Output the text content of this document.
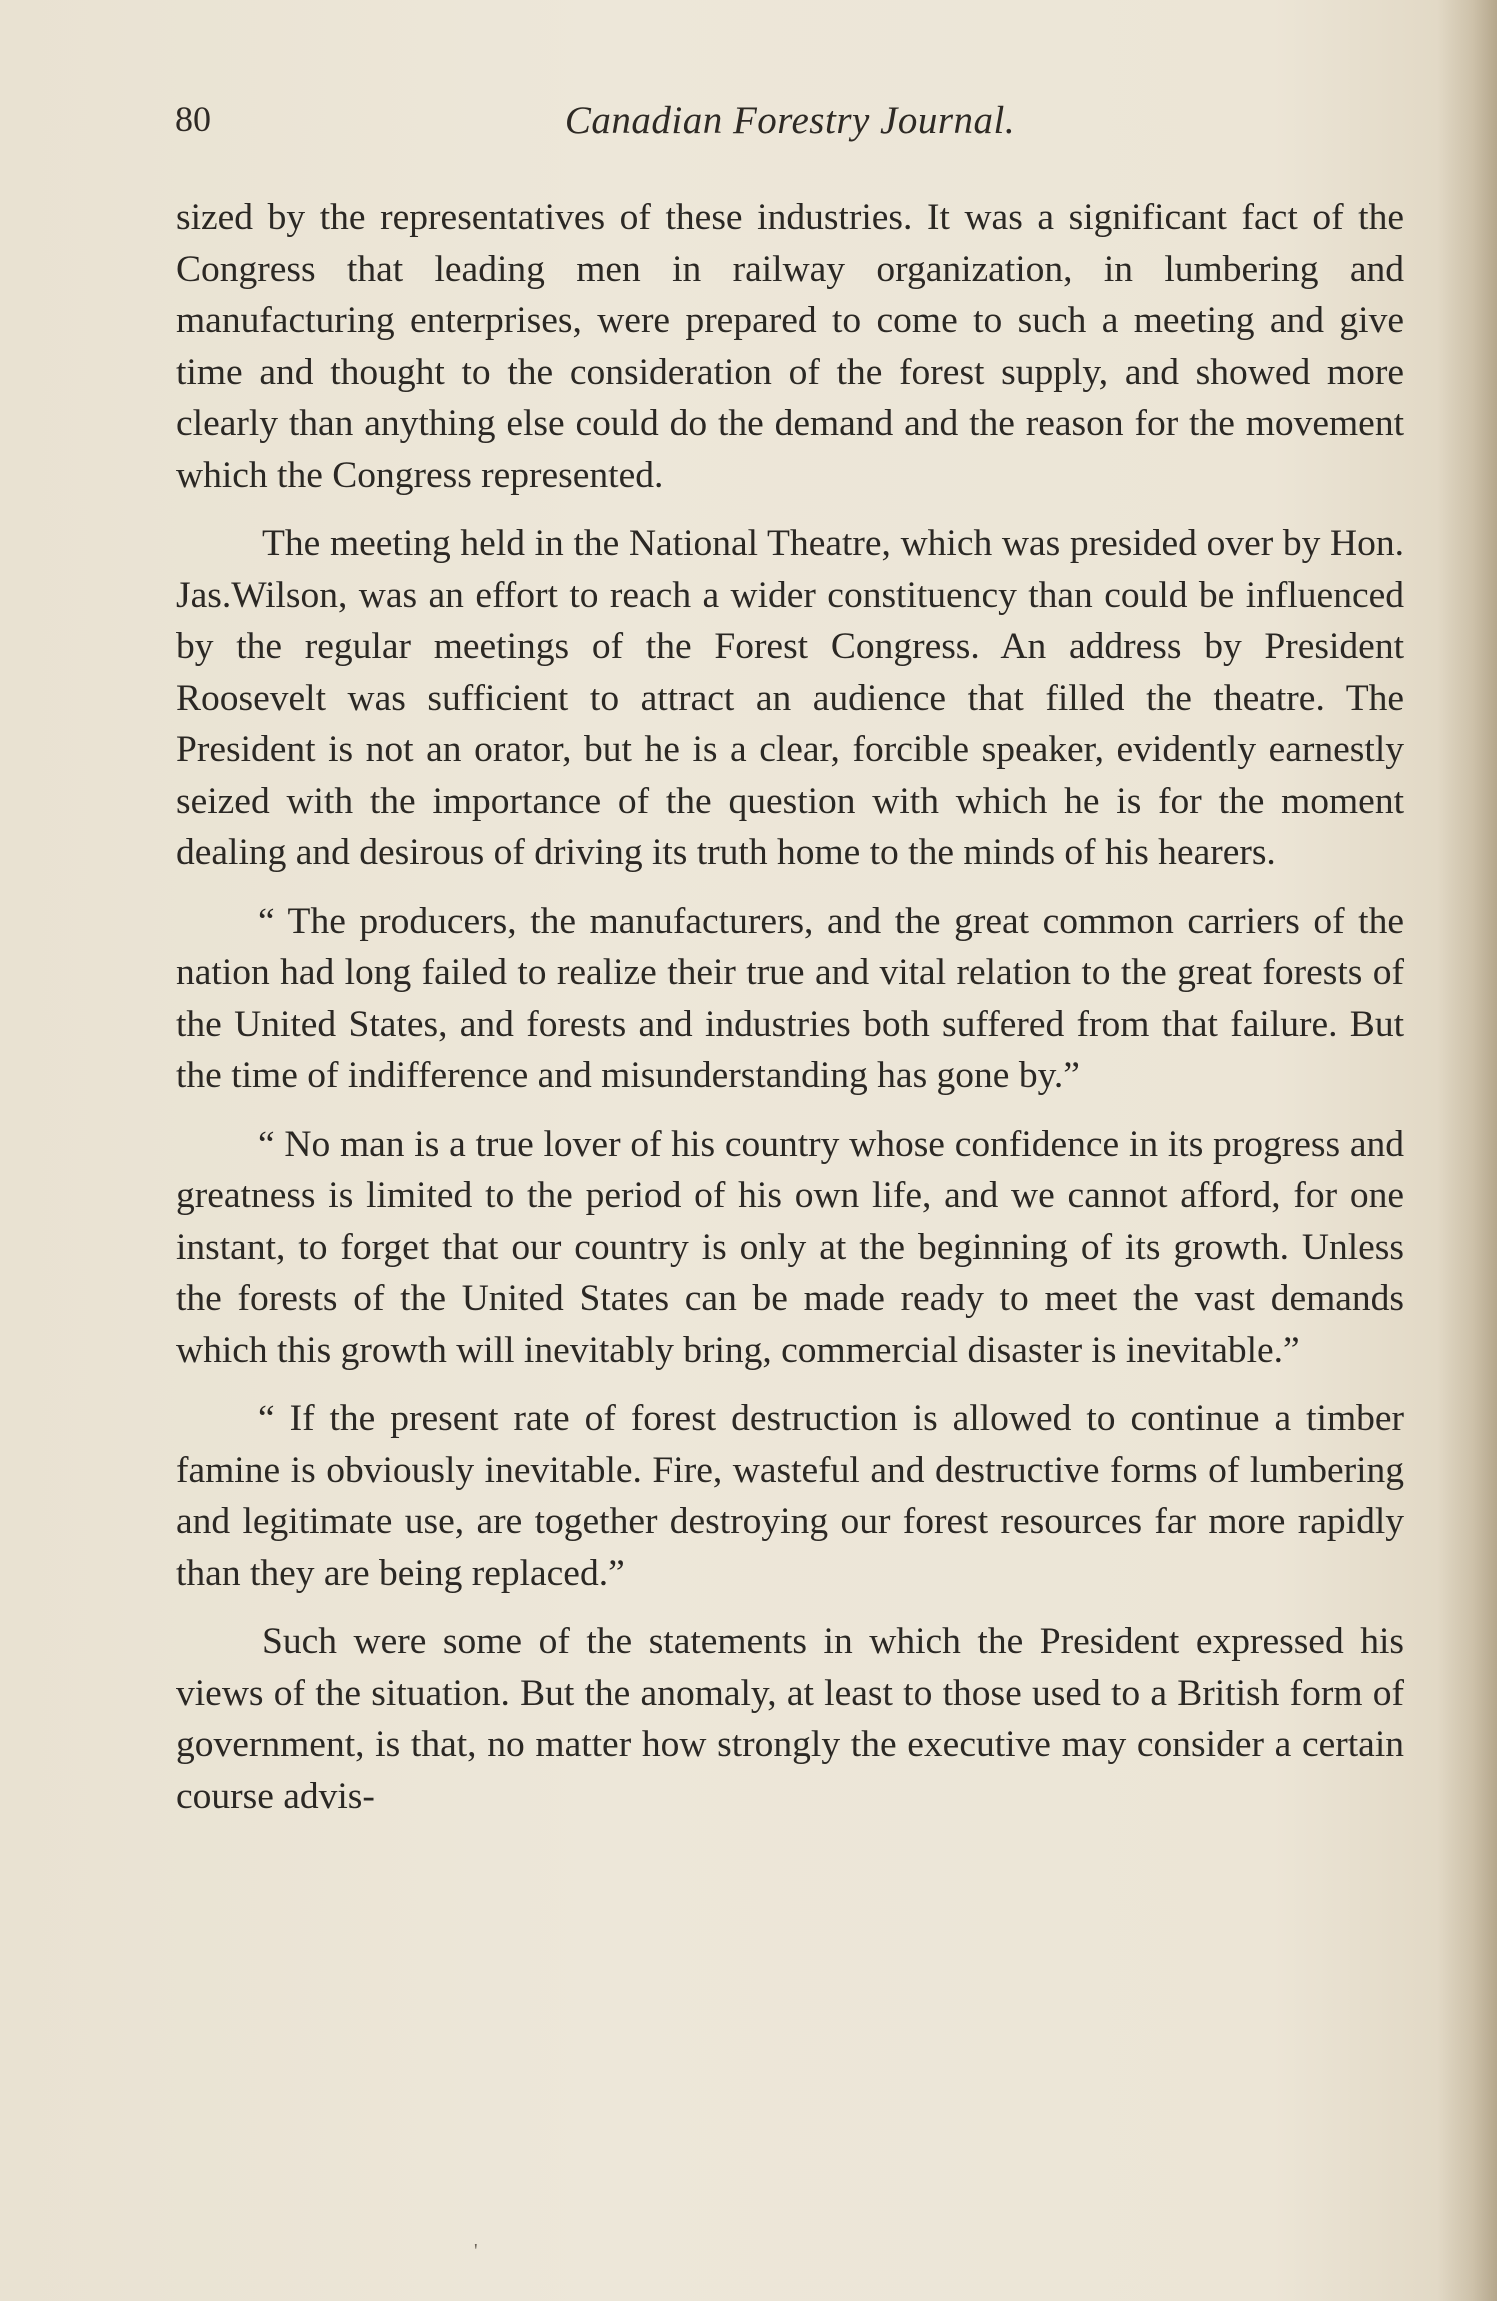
80	Canadian Forestry Journal.

sized by the representatives of these industries. It was a significant fact of the Congress that leading men in railway organization, in lumbering and manufacturing enterprises, were prepared to come to such a meeting and give time and thought to the consideration of the forest supply, and showed more clearly than anything else could do the demand and the reason for the movement which the Congress represented.

The meeting held in the National Theatre, which was presided over by Hon. Jas.Wilson, was an effort to reach a wider constituency than could be influenced by the regular meetings of the Forest Congress. An address by President Roosevelt was sufficient to attract an audience that filled the theatre. The President is not an orator, but he is a clear, forcible speaker, evidently earnestly seized with the importance of the question with which he is for the moment dealing and desirous of driving its truth home to the minds of his hearers.

“ The producers, the manufacturers, and the great common carriers of the nation had long failed to realize their true and vital relation to the great forests of the United States, and forests and industries both suffered from that failure. But the time of indifference and misunderstanding has gone by.”

“ No man is a true lover of his country whose confidence in its progress and greatness is limited to the period of his own life, and we cannot afford, for one instant, to forget that our country is only at the beginning of its growth. Unless the forests of the United States can be made ready to meet the vast demands which this growth will inevitably bring, commercial disaster is inevitable.”

“ If the present rate of forest destruction is allowed to continue a timber famine is obviously inevitable. Fire, wasteful and destructive forms of lumbering and legitimate use, are together destroying our forest resources far more rapidly than they are being replaced.”

Such were some of the statements in which the President expressed his views of the situation. But the anomaly, at least to those used to a British form of government, is that, no matter how strongly the executive may consider a certain course advis-

'
